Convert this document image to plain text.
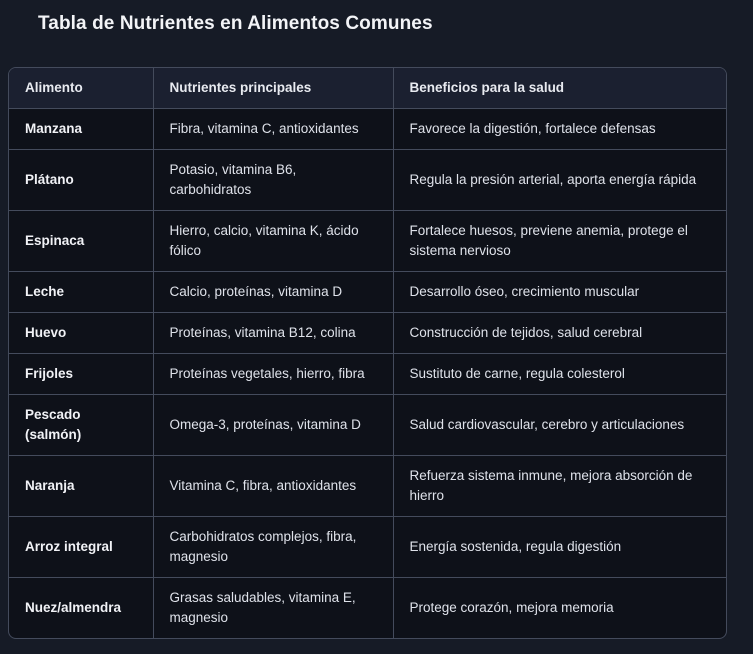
Tabla de Nutrientes en Alimentos Comunes
Alimento	Nutrientes principales	Beneficios para la salud
Manzana	Fibra, vitamina C, antioxidantes	Favorece la digestión, fortalece defensas
Plátano	Potasio, vitamina B6, carbohidratos	Regula la presión arterial, aporta energía rápida
Espinaca	Hierro, calcio, vitamina K, ácido fólico	Fortalece huesos, previene anemia, protege el sistema nervioso
Leche	Calcio, proteínas, vitamina D	Desarrollo óseo, crecimiento muscular
Huevo	Proteínas, vitamina B12, colina	Construcción de tejidos, salud cerebral
Frijoles	Proteínas vegetales, hierro, fibra	Sustituto de carne, regula colesterol
Pescado (salmón)	Omega-3, proteínas, vitamina D	Salud cardiovascular, cerebro y articulaciones
Naranja	Vitamina C, fibra, antioxidantes	Refuerza sistema inmune, mejora absorción de hierro
Arroz integral	Carbohidratos complejos, fibra, magnesio	Energía sostenida, regula digestión
Nuez/almendra	Grasas saludables, vitamina E, magnesio	Protege corazón, mejora memoria
